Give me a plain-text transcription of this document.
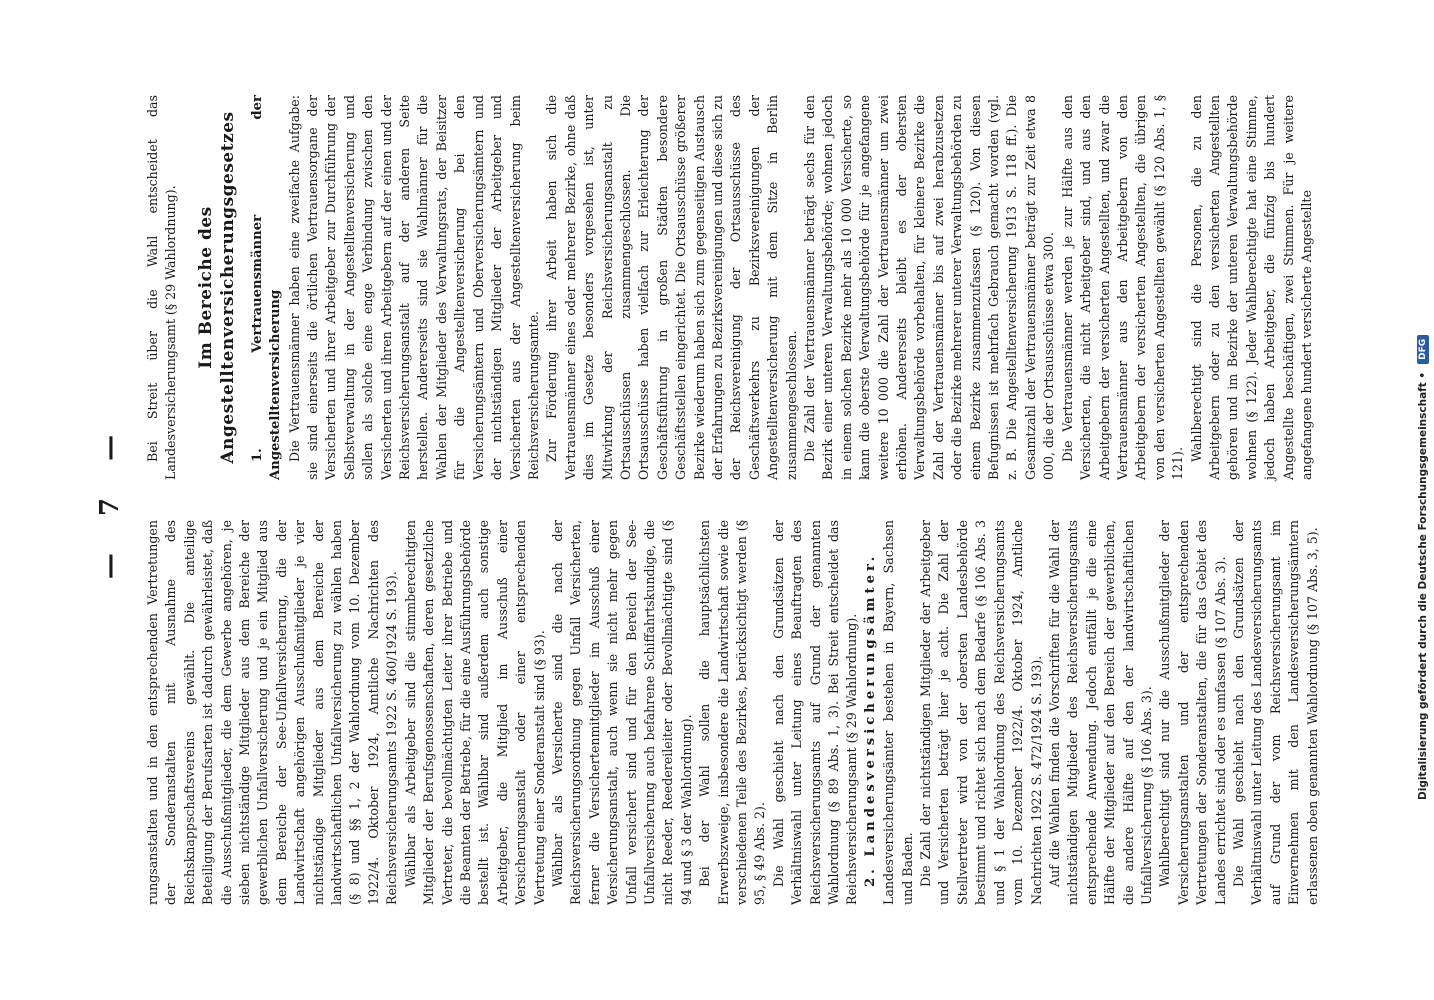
— 7 —

rungsanstalten und in den entsprechenden Vertretungen der Sonderanstalten mit Ausnahme des Reichsknappschaftsvereins gewählt. Die anteilige Beteiligung der Berufsarten ist dadurch gewährleistet, daß die Ausschußmitglieder, die dem Gewerbe angehören, je sieben nichtständige Mitglieder aus dem Bereiche der gewerblichen Unfallversicherung und je ein Mitglied aus dem Bereiche der See-Unfallversicherung, die der Landwirtschaft angehörigen Ausschußmitglieder je vier nichtständige Mitglieder aus dem Bereiche der landwirtschaftlichen Unfallversicherung zu wählen haben (§ 8) und §§ 1, 2 der Wahlordnung vom 10. Dezember 1922/4. Oktober 1924, Amtliche Nachrichten des Reichsversicherungsamts 1922 S. 460/1924 S. 193). Wählbar als Arbeitgeber sind die stimmberechtigten Mitglieder der Berufsgenossenschaften, deren gesetzliche Vertreter, die bevollmächtigten Leiter ihrer Betriebe und die Beamten der Betriebe, für die eine Ausführungsbehörde bestellt ist. Wählbar sind außerdem auch sonstige Arbeitgeber, die Mitglied im Ausschuß einer Versicherungsanstalt oder einer entsprechenden Vertretung einer Sonderanstalt sind (§ 93). Wählbar als Versicherte sind die nach der Reichsversicherungsordnung gegen Unfall Versicherten, ferner die Versichertenmitglieder im Ausschuß einer Versicherungsanstalt, auch wenn sie nicht mehr gegen Unfall versichert sind und für den Bereich der See-Unfallversicherung auch befahrene Schiffahrtskundige, die nicht Reeder, Reedereileiter oder Bevollmächtigte sind (§ 94 und § 3 der Wahlordnung). Bei der Wahl sollen die hauptsächlichsten Erwerbszweige, insbesondere die Landwirtschaft sowie die verschiedenen Teile des Bezirkes, berücksichtigt werden (§ 95, § 49 Abs. 2). Die Wahl geschieht nach den Grundsätzen der Verhältniswahl unter Leitung eines Beauftragten des Reichsversicherungsamts auf Grund der genannten Wahlordnung (§ 89 Abs. 1, 3). Bei Streit entscheidet das Reichsversicherungsamt (§ 29 Wahlordnung). 2. Landesversicherungsämter. Landesversicherungsämter bestehen in Bayern, Sachsen und Baden. Die Zahl der nichtständigen Mitglieder der Arbeitgeber und Versicherten beträgt hier je acht. Die Zahl der Stellvertreter wird von der obersten Landesbehörde bestimmt und richtet sich nach dem Bedarfe (§ 106 Abs. 3 und § 1 der Wahlordnung des Reichsversicherungsamts vom 10. Dezember 1922/4. Oktober 1924, Amtliche Nachrichten 1922 S. 472/1924 S. 193). Auf die Wahlen finden die Vorschriften für die Wahl der nichtständigen Mitglieder des Reichsversicherungsamts entsprechende Anwendung. Jedoch entfällt je die eine Hälfte der Mitglieder auf den Bereich der gewerblichen, die andere Hälfte auf den der landwirtschaftlichen Unfallversicherung (§ 106 Abs. 3). Wahlberechtigt sind nur die Ausschußmitglieder der Versicherungsanstalten und der entsprechenden Vertretungen der Sonderanstalten, die für das Gebiet des Landes errichtet sind oder es umfassen (§ 107 Abs. 3). Die Wahl geschieht nach den Grundsätzen der Verhältniswahl unter Leitung des Landesversicherungsamts auf Grund der vom Reichsversicherungsamt im Einvernehmen mit den Landesversicherungsämtern erlassenen oben genannten Wahlordnung (§ 107 Abs. 3, 5).

Bei Streit über die Wahl entscheidet das Landesversicherungsamt (§ 29 Wahlordnung). Im Bereiche des Angestelltenversicherungsgesetzes 1. Vertrauensmänner der Angestelltenversicherung Die Vertrauensmänner haben eine zweifache Aufgabe: sie sind einerseits die örtlichen Vertrauensorgane der Versicherten und ihrer Arbeitgeber zur Durchführung der Selbstverwaltung in der Angestelltenversicherung und sollen als solche eine enge Verbindung zwischen den Versicherten und ihren Arbeitgebern auf der einen und der Reichsversicherungsanstalt auf der anderen Seite herstellen. Andererseits sind sie Wahlmänner für die Wahlen der Mitglieder des Verwaltungsrats, der Beisitzer für die Angestelltenversicherung bei den Versicherungsämtern und Oberversicherungsämtern und der nichtständigen Mitglieder der Arbeitgeber und Versicherten aus der Angestelltenversicherung beim Reichsversicherungsamte. Zur Förderung ihrer Arbeit haben sich die Vertrauensmänner eines oder mehrerer Bezirke, ohne daß dies im Gesetze besonders vorgesehen ist, unter Mitwirkung der Reichsversicherungsanstalt zu Ortsausschüssen zusammengeschlossen. Die Ortsausschüsse haben vielfach zur Erleichterung der Geschäftsführung in großen Städten besondere Geschäftsstellen eingerichtet. Die Ortsausschüsse größerer Bezirke wiederum haben sich zum gegenseitigen Austausch der Erfahrungen zu Bezirksvereinigungen und diese sich zu der Reichsvereinigung der Ortsausschüsse des Geschäftsverkehrs zu Bezirksvereinigungen der Angestelltenversicherung mit dem Sitze in Berlin zusammengeschlossen. Die Zahl der Vertrauensmänner beträgt sechs für den Bezirk einer unteren Verwaltungsbehörde; wohnen jedoch in einem solchen Bezirke mehr als 10 000 Versicherte, so kann die oberste Verwaltungsbehörde für je angefangene weitere 10 000 die Zahl der Vertrauensmänner um zwei erhöhen. Andererseits bleibt es der obersten Verwaltungsbehörde vorbehalten, für kleinere Bezirke die Zahl der Vertrauensmänner bis auf zwei herabzusetzen oder die Bezirke mehrerer unterer Verwaltungsbehörden zu einem Bezirke zusammenzufassen (§ 120). Von diesen Befugnissen ist mehrfach Gebrauch gemacht worden (vgl. z. B. Die Angestelltenversicherung 1913 S. 118 ff.). Die Gesamtzahl der Vertrauensmänner beträgt zur Zeit etwa 8 000, die der Ortsausschüsse etwa 300. Die Vertrauensmänner werden je zur Hälfte aus den Versicherten, die nicht Arbeitgeber sind, und aus den Arbeitgebern der versicherten Angestellten, und zwar die Vertrauensmänner aus den Arbeitgebern von den Arbeitgebern der versicherten Angestellten, die übrigen von den versicherten Angestellten gewählt (§ 120 Abs. 1, § 121).

Wahlberechtigt sind die Personen, die zu den Arbeitgebern oder zu den versicherten Angestellten gehören und im Bezirke der unteren Verwaltungsbehörde wohnen (§ 122). Jeder Wahlberechtigte hat eine Stimme, jedoch haben Arbeitgeber, die fünfzig bis hundert Angestellte beschäftigen, zwei Stimmen. Für je weitere angefangene hundert versicherte Angestellte

Digitalisierung gefördert durch die Deutsche Forschungsgemeinschaft •
DFG
